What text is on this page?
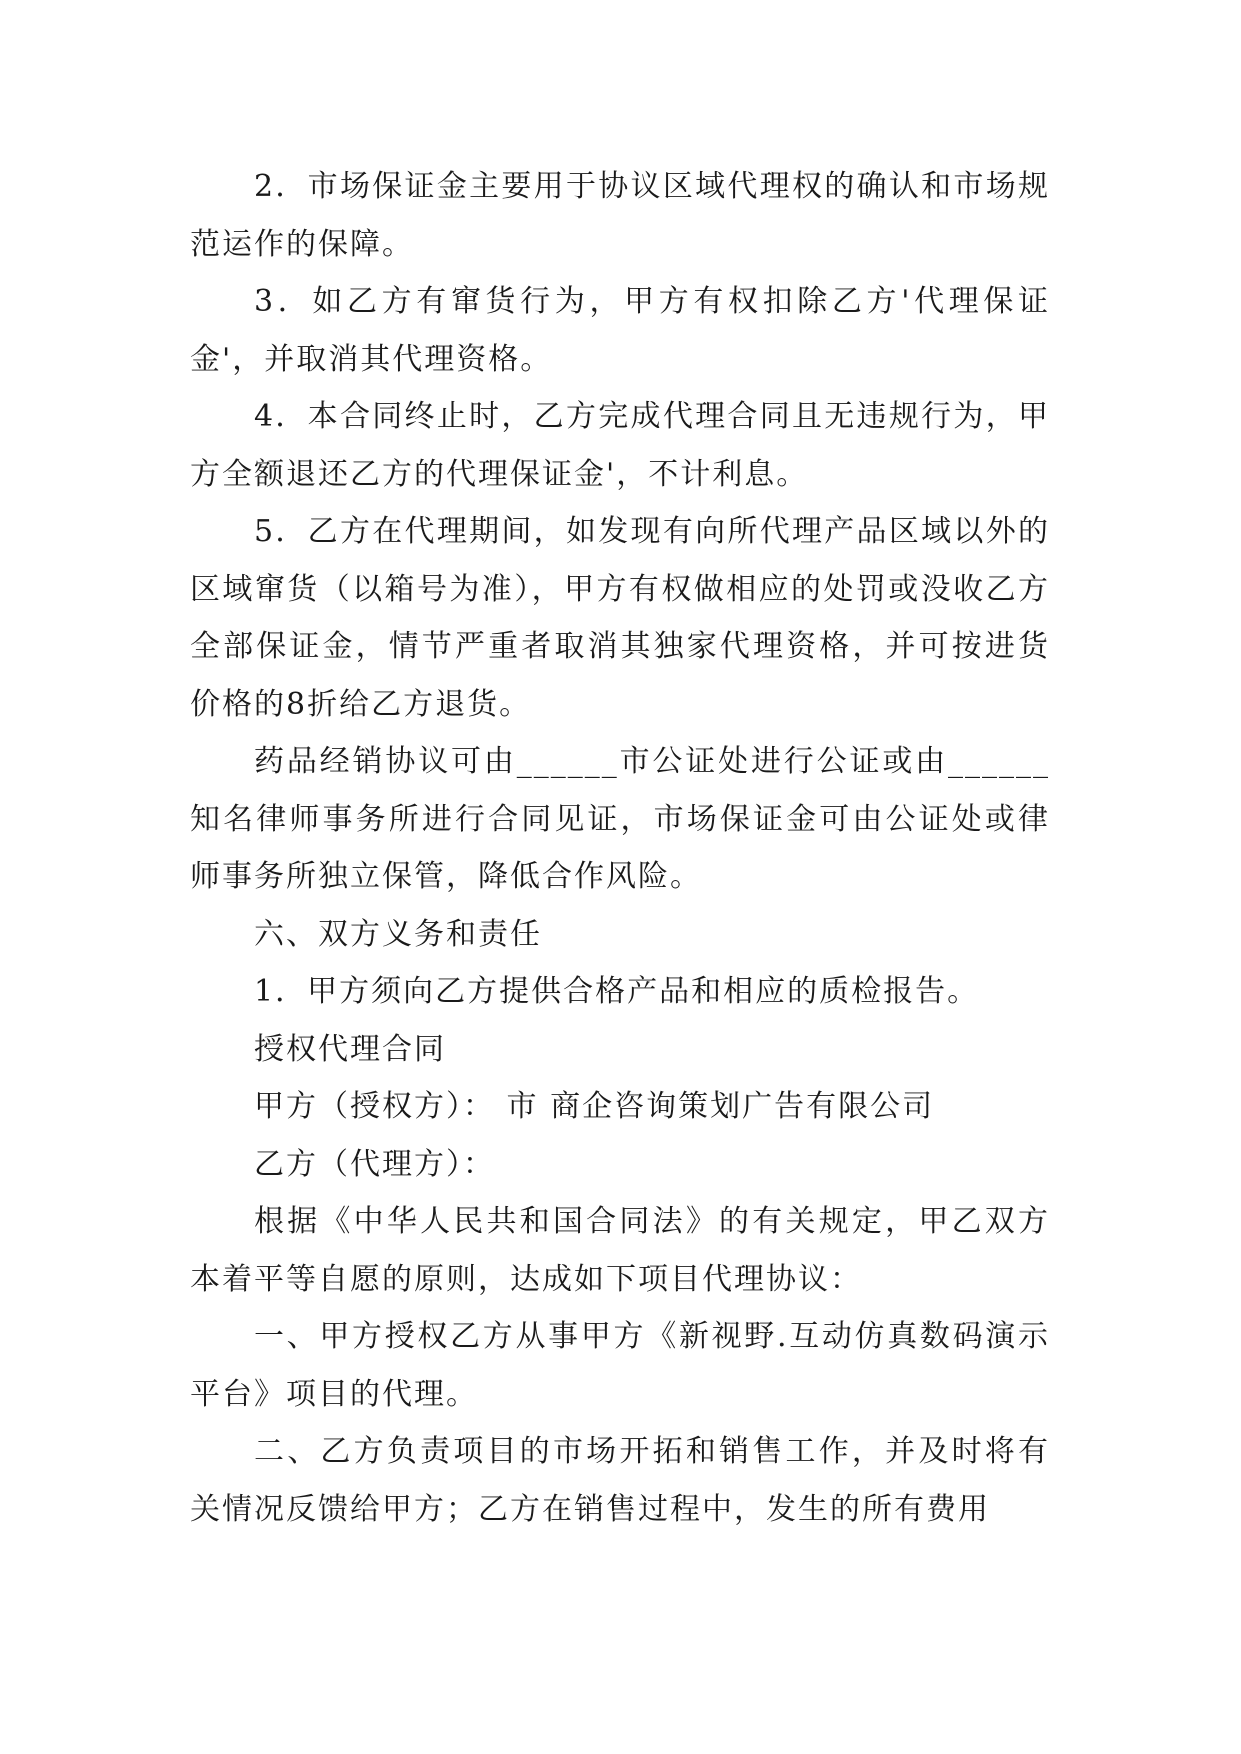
2．市场保证金主要用于协议区域代理权的确认和市场规范运作的保障。

3．如乙方有窜货行为，甲方有权扣除乙方'代理保证金'，并取消其代理资格。

4．本合同终止时，乙方完成代理合同且无违规行为，甲方全额退还乙方的代理保证金'，不计利息。

5．乙方在代理期间，如发现有向所代理产品区域以外的区域窜货（以箱号为准），甲方有权做相应的处罚或没收乙方全部保证金，情节严重者取消其独家代理资格，并可按进货价格的8折给乙方退货。

药品经销协议可由______市公证处进行公证或由______知名律师事务所进行合同见证，市场保证金可由公证处或律师事务所独立保管，降低合作风险。

六、双方义务和责任

1．甲方须向乙方提供合格产品和相应的质检报告。

授权代理合同

甲方（授权方）： 市 商企咨询策划广告有限公司

乙方（代理方）：

根据《中华人民共和国合同法》的有关规定，甲乙双方本着平等自愿的原则，达成如下项目代理协议：

一、甲方授权乙方从事甲方《新视野.互动仿真数码演示平台》项目的代理。

二、乙方负责项目的市场开拓和销售工作，并及时将有关情况反馈给甲方；乙方在销售过程中，发生的所有费用
